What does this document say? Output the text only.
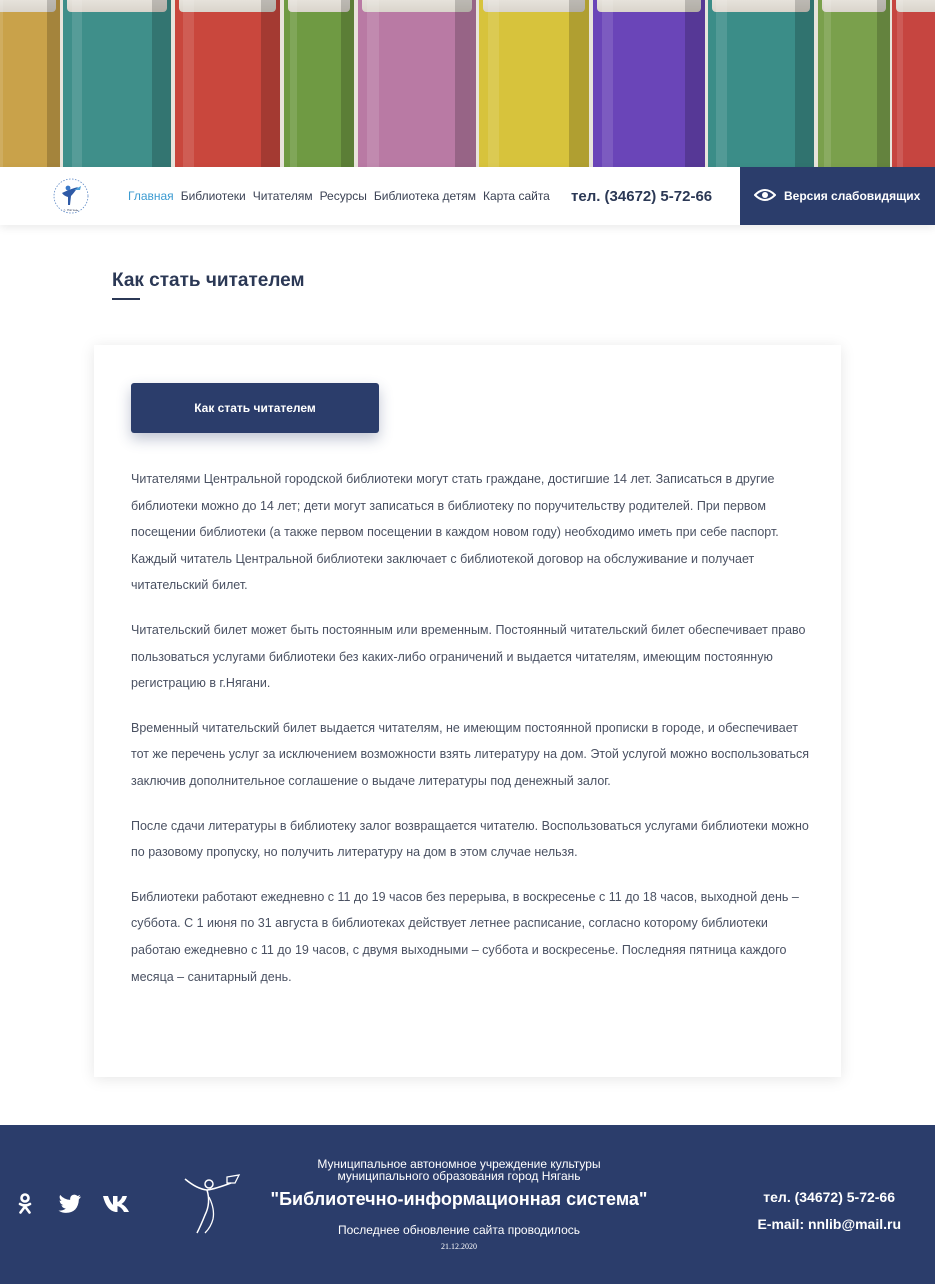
г. Нягань
Главная Библиотеки Читателям Ресурсы Библиотека детям Карта сайта тел. (34672) 5-72-66	Версия слабовидящих
Как стать читателем
Как стать читателем

Читателями Центральной городской библиотеки могут стать граждане, достигшие 14 лет. Записаться в другие библиотеки можно до 14 лет; дети могут записаться в библиотеку по поручительству родителей. При первом посещении библиотеки (а также первом посещении в каждом новом году) необходимо иметь при себе паспорт. Каждый читатель Центральной библиотеки заключает с библиотекой договор на обслуживание и получает читательский билет.

Читательский билет может быть постоянным или временным. Постоянный читательский билет обеспечивает право пользоваться услугами библиотеки без каких-либо ограничений и выдается читателям, имеющим постоянную регистрацию в г.Нягани.

Временный читательский билет выдается читателям, не имеющим постоянной прописки в городе, и обеспечивает тот же перечень услуг за исключением возможности взять литературу на дом. Этой услугой можно воспользоваться заключив дополнительное соглашение о выдаче литературы под денежный залог.

После сдачи литературы в библиотеку залог возвращается читателю. Воспользоваться услугами библиотеки можно по разовому пропуску, но получить литературу на дом в этом случае нельзя.

Библиотеки работают ежедневно с 11 до 19 часов без перерыва, в воскресенье с 11 до 18 часов, выходной день – суббота. С 1 июня по 31 августа в библиотеках действует летнее расписание, согласно которому библиотеки работаю ежедневно с 11 до 19 часов, с двумя выходными – суббота и воскресенье. Последняя пятница каждого месяца – санитарный день.

Муниципальное автономное учреждение культуры
муниципального образования город Нягань
"Библиотечно-информационная система"
Последнее обновление сайта проводилось
21.12.2020
тел. (34672) 5-72-66
E-mail: nnlib@mail.ru
